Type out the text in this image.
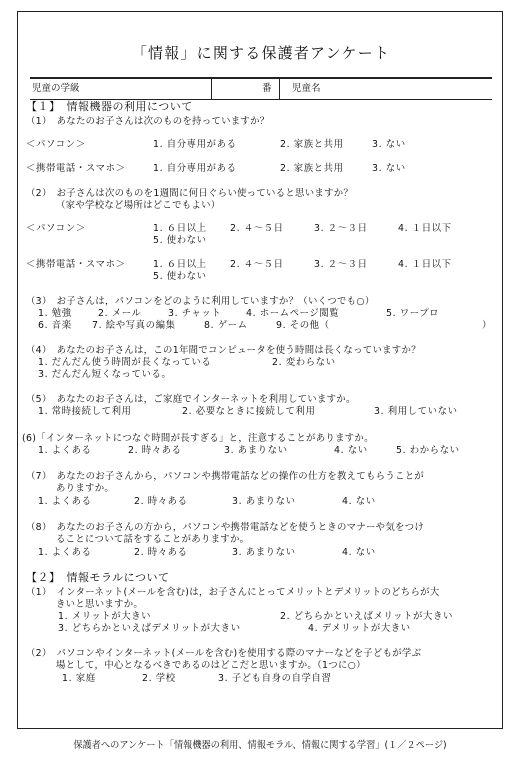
「情報」に関する保護者アンケート
児童の学級	番 児童名
【１】　情報機器の利用について
（1）　あなたのお子さんは次のものを持っていますか？
＜パソコン＞	1. 自分専用がある	2. 家族と共用	3. ない
＜携帯電話・スマホ＞	1. 自分専用がある	2. 家族と共用	3. ない
（2）　お子さんは次のものを1週間に何日ぐらい使っていると思いますか？
（家や学校など場所はどこでもよい）
＜パソコン＞	1. ６日以上 2. ４～５日	3. ２～３日	4. １日以下
5. 使わない
＜携帯電話・スマホ＞	1. ６日以上 2. ４～５日	3. ２～３日	4. １日以下
5. 使わない
（3）　お子さんは，パソコンをどのように利用していますか？（いくつでも○）
1. 勉強	2. メール	3. チャット	4. ホームページ閲覧	5. ワープロ
6. 音楽 7. 絵や写真の編集	8. ゲーム	9. その他（	）
（4）　あなたのお子さんは，この1年間でコンピュータを使う時間は長くなっていますか？
1. だんだん使う時間が長くなっている	2. 変わらない
3. だんだん短くなっている。
（5）　あなたのお子さんは，ご家庭でインターネットを利用していますか。
1. 常時接続して利用	2. 必要なときに接続して利用	3. 利用していない
(6)「インターネットにつなぐ時間が長すぎる」と，注意することがありますか。
1. よくある	2. 時々ある	3. あまりない	4. ない	5. わからない
（7）　あなたのお子さんから，パソコンや携帯電話などの操作の仕方を教えてもらうことが
ありますか。
1. よくある	2. 時々ある	3. あまりない	4. ない
（8）　あなたのお子さんの方から，パソコンや携帯電話などを使うときのマナーや気をつけ
ることについて話をすることがありますか。
1. よくある	2. 時々ある	3. あまりない	4. ない
【２】　情報モラルについて
（1）　インターネット(メールを含む)は，お子さんにとってメリットとデメリットのどちらが大
きいと思いますか。
1. メリットが大きい	2. どちらかといえばメリットが大きい
3. どちらかといえばデメリットが大きい	4. デメリットが大きい
（2）　パソコンやインターネット(メールを含む)を使用する際のマナーなどを子どもが学ぶ
場として，中心となるべきであるのはどこだと思いますか。（1つに○）
1. 家庭	2. 学校	3. 子ども自身の自学自習
保護者へのアンケート「情報機器の利用、情報モラル、情報に関する学習」(１／２ページ)
